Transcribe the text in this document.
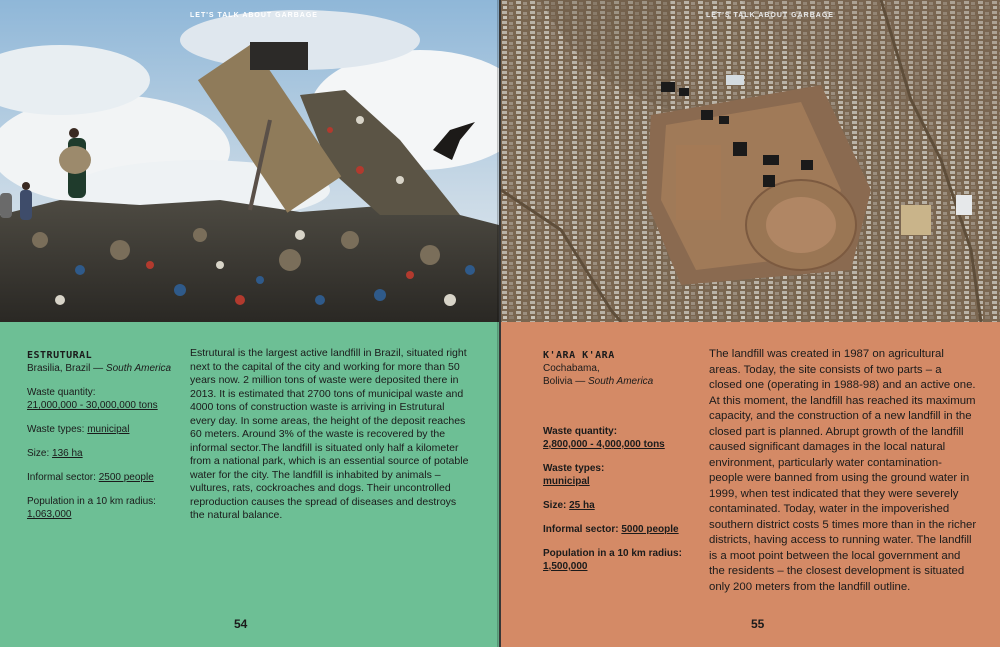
LET'S TALK ABOUT GARBAGE
ESTRUTURAL
Brasilia, Brazil — South America
Waste quantity:
21,000,000 - 30,000,000 tons
Waste types: municipal
Size: 136 ha
Informal sector: 2500 people
Population in a 10 km radius:
1,063,000
Estrutural is the largest active landfill in Brazil, situated right next to the capital of the city and working for more than 50 years now. 2 million tons of waste were deposited there in 2013. It is estimated that 2700 tons of municipal waste and 4000 tons of construction waste is arriving in Estrutural every day. In some areas, the height of the deposit reaches 60 meters. Around 3% of the waste is recovered by the informal sector.The landfill is situated only half a kilometer from a national park, which is an essential source of potable water for the city. The landfill is inhabited by animals – vultures, rats, cockroaches and dogs. Their uncontrolled reproduction causes the spread of diseases and destroys the natural balance.
54
LET'S TALK ABOUT GARBAGE
K'ARA K'ARA
Cochabama,
Bolivia — South America
Waste quantity:
2,800,000 - 4,000,000 tons
Waste types:
municipal
Size: 25 ha
Informal sector: 5000 people
Population in a 10 km radius:
1,500,000
The landfill was created in 1987 on agricultural areas. Today, the site consists of two parts – a closed one (operating in 1988-98) and an active one. At this moment, the landfill has reached its maximum capacity, and the construction of a new landfill in the closed part is planned. Abrupt growth of the landfill caused significant damages in the local natural environment, particularly water contamination- people were banned from using the ground water in 1999, when test indicated that they were severely contaminated. Today, water in the impoverished southern district costs 5 times more than in the richer districts, having access to running water. The landfill is a moot point between the local government and the residents – the closest development is situated only 200 meters from the landfill outline.
55
